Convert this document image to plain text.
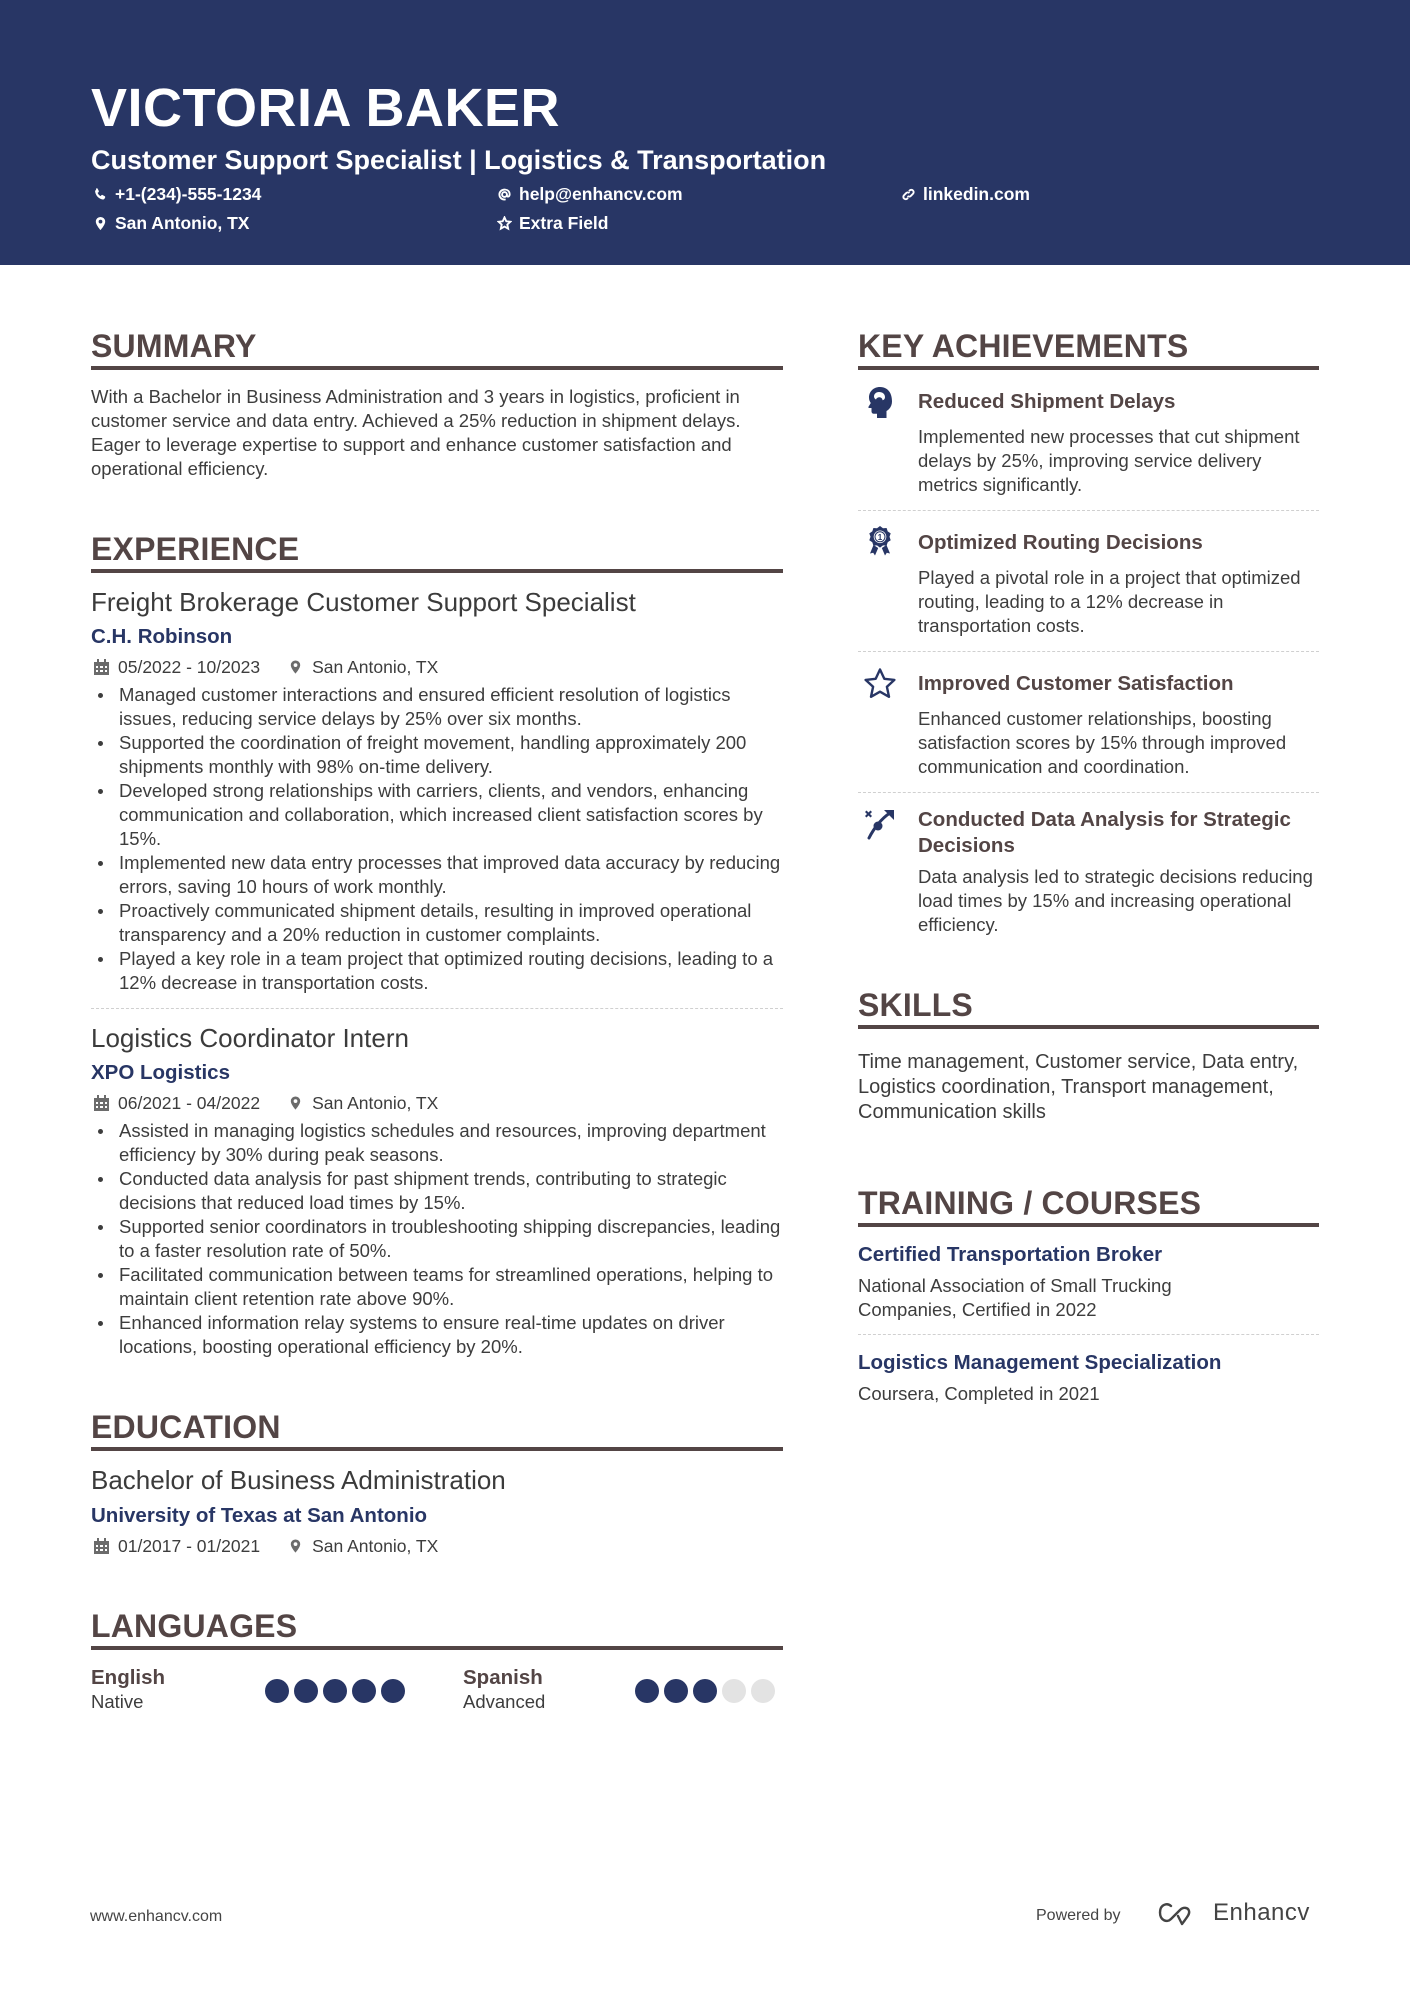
VICTORIA BAKER
Customer Support Specialist | Logistics & Transportation
+1-(234)-555-1234	help@enhancv.com	linkedin.com
San Antonio, TX	Extra Field
SUMMARY
With a Bachelor in Business Administration and 3 years in logistics, proficient in customer service and data entry. Achieved a 25% reduction in shipment delays. Eager to leverage expertise to support and enhance customer satisfaction and operational efficiency.
EXPERIENCE
Freight Brokerage Customer Support Specialist
C.H. Robinson
05/2022 - 10/2023	San Antonio, TX
Managed customer interactions and ensured efficient resolution of logistics issues, reducing service delays by 25% over six months.
Supported the coordination of freight movement, handling approximately 200 shipments monthly with 98% on-time delivery.
Developed strong relationships with carriers, clients, and vendors, enhancing communication and collaboration, which increased client satisfaction scores by 15%.
Implemented new data entry processes that improved data accuracy by reducing errors, saving 10 hours of work monthly.
Proactively communicated shipment details, resulting in improved operational transparency and a 20% reduction in customer complaints.
Played a key role in a team project that optimized routing decisions, leading to a 12% decrease in transportation costs.
Logistics Coordinator Intern
XPO Logistics
06/2021 - 04/2022	San Antonio, TX
Assisted in managing logistics schedules and resources, improving department efficiency by 30% during peak seasons.
Conducted data analysis for past shipment trends, contributing to strategic decisions that reduced load times by 15%.
Supported senior coordinators in troubleshooting shipping discrepancies, leading to a faster resolution rate of 50%.
Facilitated communication between teams for streamlined operations, helping to maintain client retention rate above 90%.
Enhanced information relay systems to ensure real-time updates on driver locations, boosting operational efficiency by 20%.
EDUCATION
Bachelor of Business Administration
University of Texas at San Antonio
01/2017 - 01/2021	San Antonio, TX
LANGUAGES
English
Native
Spanish
Advanced
KEY ACHIEVEMENTS
Reduced Shipment Delays
Implemented new processes that cut shipment delays by 25%, improving service delivery metrics significantly.
1 Optimized Routing Decisions
Played a pivotal role in a project that optimized routing, leading to a 12% decrease in transportation costs.
Improved Customer Satisfaction
Enhanced customer relationships, boosting satisfaction scores by 15% through improved communication and coordination.
Conducted Data Analysis for Strategic Decisions
Data analysis led to strategic decisions reducing load times by 15% and increasing operational efficiency.
SKILLS
Time management, Customer service, Data entry, Logistics coordination, Transport management, Communication skills
TRAINING / COURSES
Certified Transportation Broker
National Association of Small Trucking Companies, Certified in 2022
Logistics Management Specialization
Coursera, Completed in 2021
www.enhancv.com	Powered by	Enhancv
